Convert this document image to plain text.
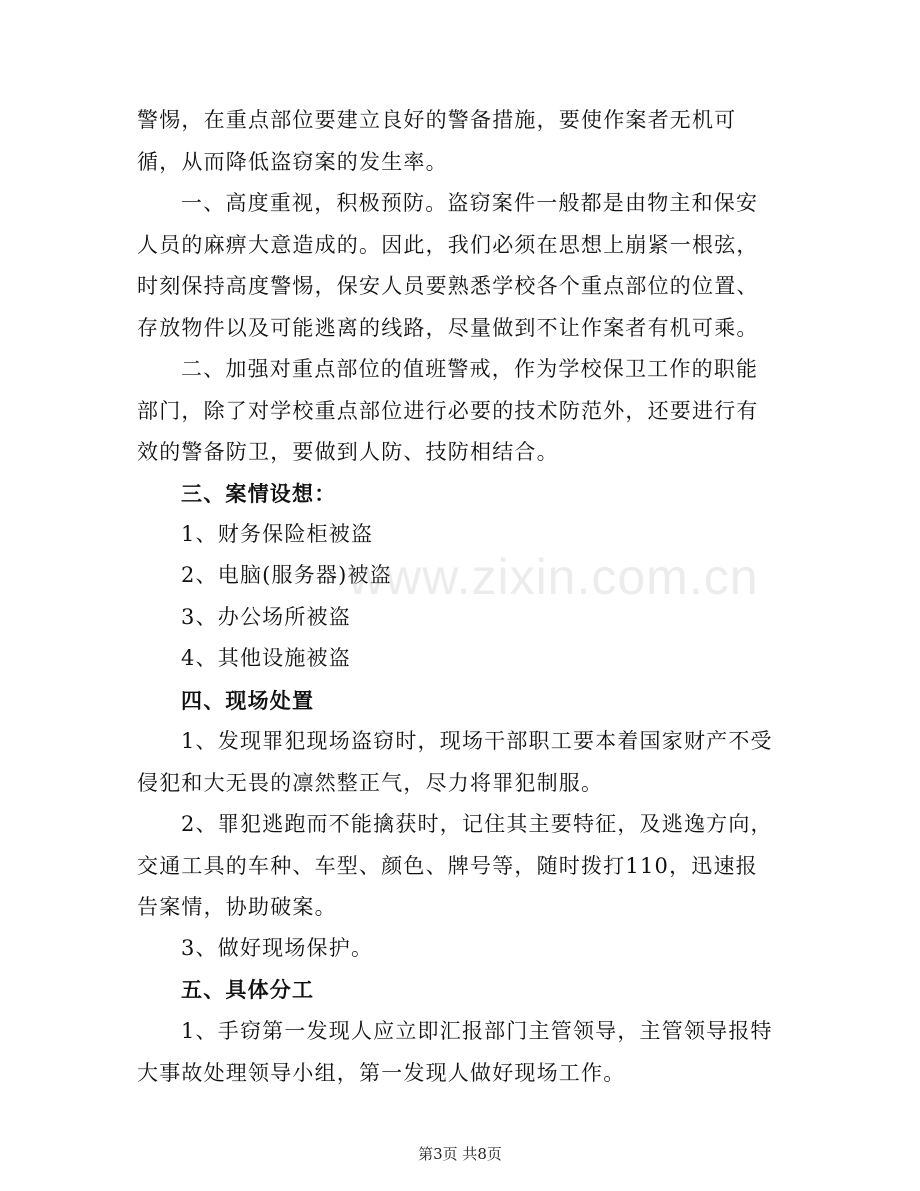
警惕，在重点部位要建立良好的警备措施，要使作案者无机可循，从而降低盗窃案的发生率。

一、高度重视，积极预防。盗窃案件一般都是由物主和保安人员的麻痹大意造成的。因此，我们必须在思想上崩紧一根弦，时刻保持高度警惕，保安人员要熟悉学校各个重点部位的位置、存放物件以及可能逃离的线路，尽量做到不让作案者有机可乘。

二、加强对重点部位的值班警戒，作为学校保卫工作的职能部门，除了对学校重点部位进行必要的技术防范外，还要进行有效的警备防卫，要做到人防、技防相结合。

三、案情设想：

1、财务保险柜被盗

2、电脑(服务器)被盗

3、办公场所被盗

4、其他设施被盗

四、现场处置

1、发现罪犯现场盗窃时，现场干部职工要本着国家财产不受侵犯和大无畏的凛然整正气，尽力将罪犯制服。

2、罪犯逃跑而不能擒获时，记住其主要特征，及逃逸方向，交通工具的车种、车型、颜色、牌号等，随时拨打110，迅速报告案情，协助破案。

3、做好现场保护。

五、具体分工

1、手窃第一发现人应立即汇报部门主管领导，主管领导报特大事故处理领导小组，第一发现人做好现场工作。

www.zixin.com.cn
第3页 共8页
